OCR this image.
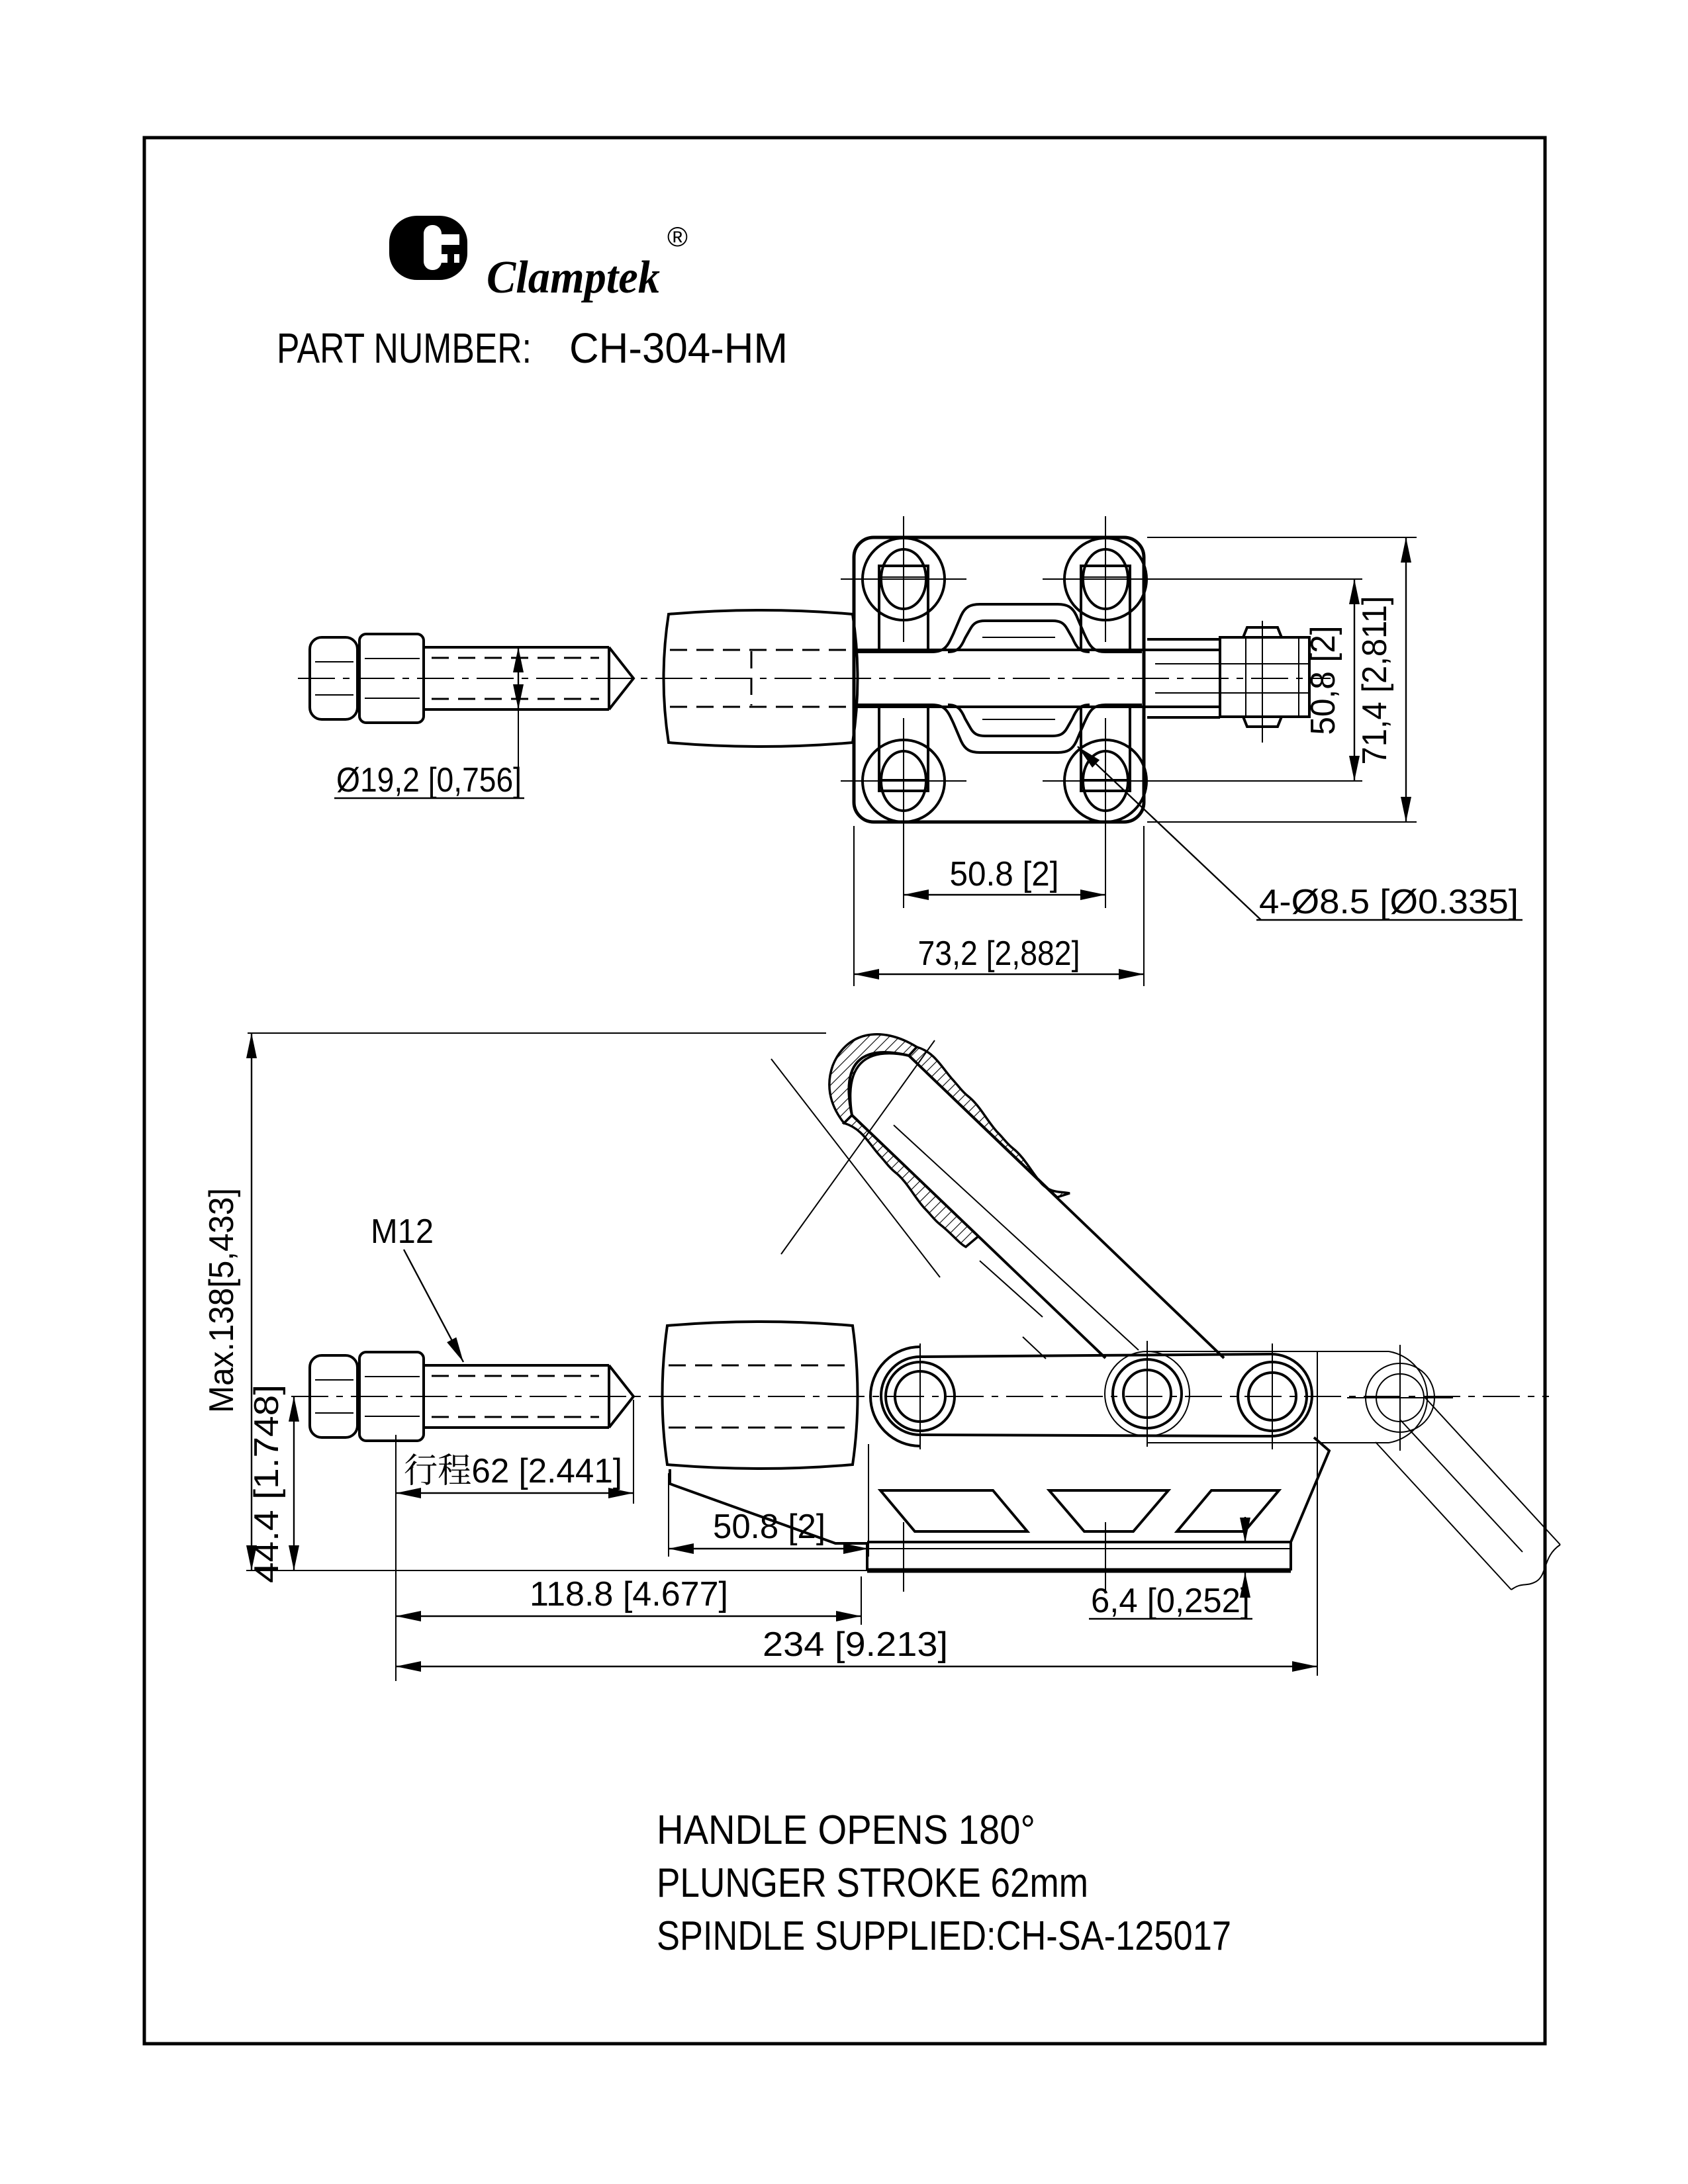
Clamptek
®
PART NUMBER: CH-304-HM
50,8 [2] 71,4 [2,811]
Ø19,2 [0,756]
50.8 [2]
73,2 [2,882]
4-Ø8.5 [Ø0.335]
M12
Max.138[5,433]
44.4 [1.748]	行程62 [2.441]
50.8 [2]
118.8 [4.677]	6,4 [0,252]
234 [9.213]
HANDLE OPENS 180°
PLUNGER STROKE 62mm
SPINDLE SUPPLIED:CH-SA-125017
